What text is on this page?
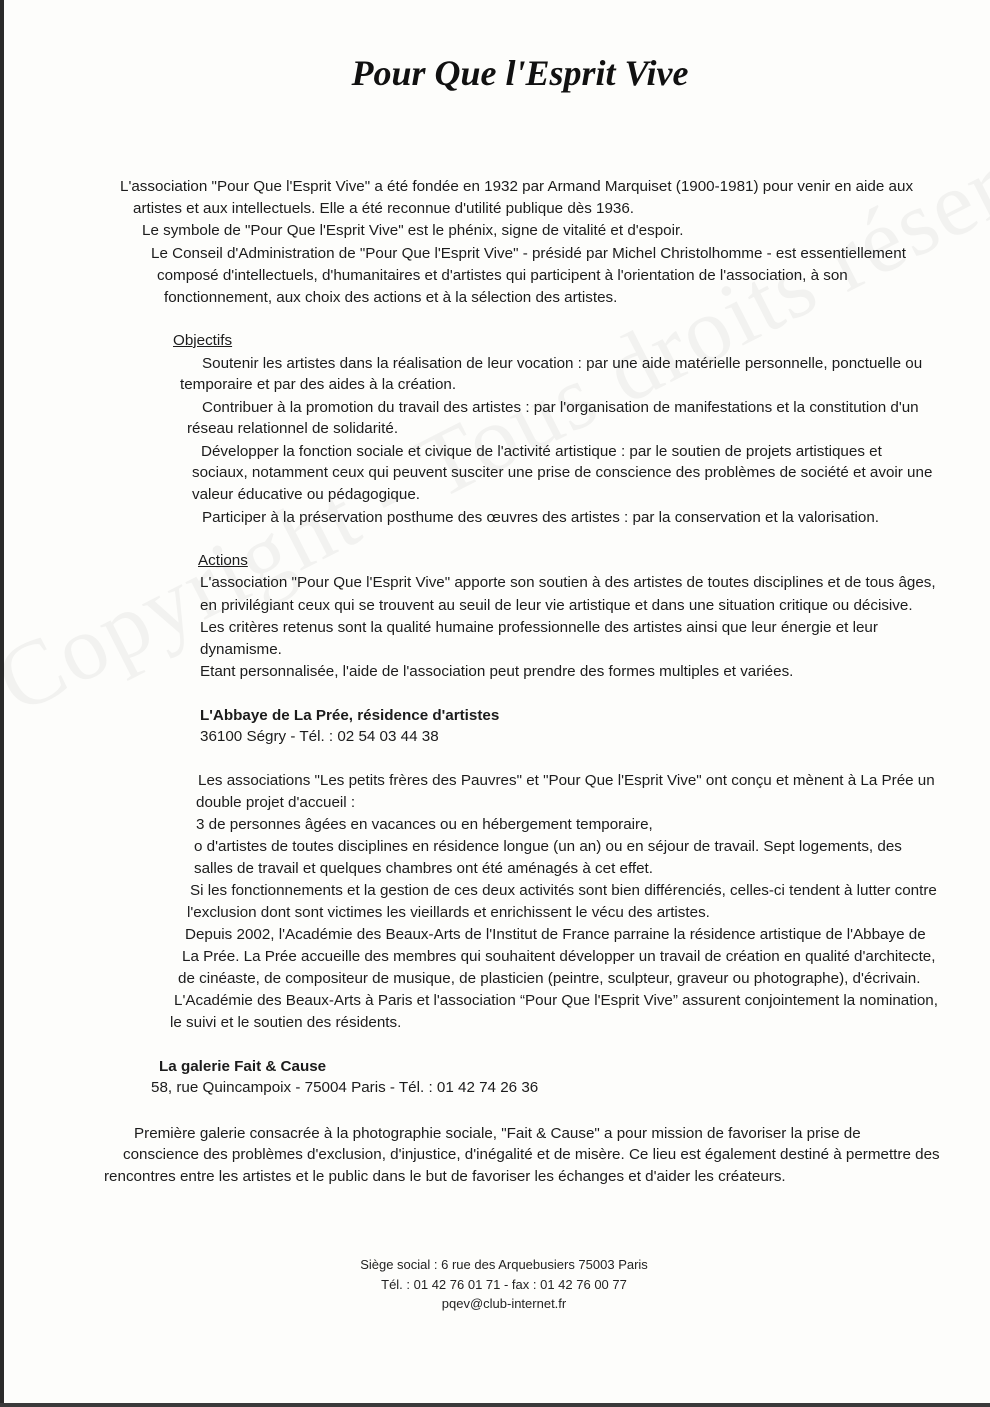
Pour Que l'Esprit Vive
L'association "Pour Que l'Esprit Vive" a été fondée en 1932 par Armand Marquiset (1900-1981) pour venir en aide aux
artistes et aux intellectuels. Elle a été reconnue d'utilité publique dès 1936.
Le symbole de "Pour Que l'Esprit Vive" est le phénix, signe de vitalité et d'espoir.
Le Conseil d'Administration de "Pour Que l'Esprit Vive" - présidé par Michel Christolhomme - est essentiellement
composé d'intellectuels, d'humanitaires et d'artistes qui participent à l'orientation de l'association, à son
fonctionnement, aux choix des actions et à la sélection des artistes.
Objectifs
Soutenir les artistes dans la réalisation de leur vocation : par une aide matérielle personnelle, ponctuelle ou
temporaire et par des aides à la création.
Contribuer à la promotion du travail des artistes : par l'organisation de manifestations et la constitution d'un
réseau relationnel de solidarité.
Développer la fonction sociale et civique de l'activité artistique : par le soutien de projets artistiques et
sociaux, notamment ceux qui peuvent susciter une prise de conscience des problèmes de société et avoir une
valeur éducative ou pédagogique.
Participer à la préservation posthume des œuvres des artistes : par la conservation et la valorisation.
Actions
L'association "Pour Que l'Esprit Vive" apporte son soutien à des artistes de toutes disciplines et de tous âges,
en privilégiant ceux qui se trouvent au seuil de leur vie artistique et dans une situation critique ou décisive.
Les critères retenus sont la qualité humaine professionnelle des artistes ainsi que leur énergie et leur
dynamisme.
Etant personnalisée, l'aide de l'association peut prendre des formes multiples et variées.
L'Abbaye de La Prée, résidence d'artistes
36100 Ségry - Tél. : 02 54 03 44 38
Les associations "Les petits frères des Pauvres" et "Pour Que l'Esprit Vive" ont conçu et mènent à La Prée un
double projet d'accueil :
3 de personnes âgées en vacances ou en hébergement temporaire,
o d'artistes de toutes disciplines en résidence longue (un an) ou en séjour de travail. Sept logements, des
salles de travail et quelques chambres ont été aménagés à cet effet.
Si les fonctionnements et la gestion de ces deux activités sont bien différenciés, celles-ci tendent à lutter contre
l'exclusion dont sont victimes les vieillards et enrichissent le vécu des artistes.
Depuis 2002, l'Académie des Beaux-Arts de l'Institut de France parraine la résidence artistique de l'Abbaye de
La Prée. La Prée accueille des membres qui souhaitent développer un travail de création en qualité d'architecte,
de cinéaste, de compositeur de musique, de plasticien (peintre, sculpteur, graveur ou photographe), d'écrivain.
L'Académie des Beaux-Arts à Paris et l'association “Pour Que l'Esprit Vive” assurent conjointement la nomination,
le suivi et le soutien des résidents.
La galerie Fait & Cause
58, rue Quincampoix - 75004 Paris - Tél. : 01 42 74 26 36
Première galerie consacrée à la photographie sociale, "Fait & Cause" a pour mission de favoriser la prise de
conscience des problèmes d'exclusion, d'injustice, d'inégalité et de misère. Ce lieu est également destiné à permettre des
rencontres entre les artistes et le public dans le but de favoriser les échanges et d'aider les créateurs.
Siège social : 6 rue des Arquebusiers 75003 Paris
Tél. : 01 42 76 01 71 - fax : 01 42 76 00 77
pqev@club-internet.fr
